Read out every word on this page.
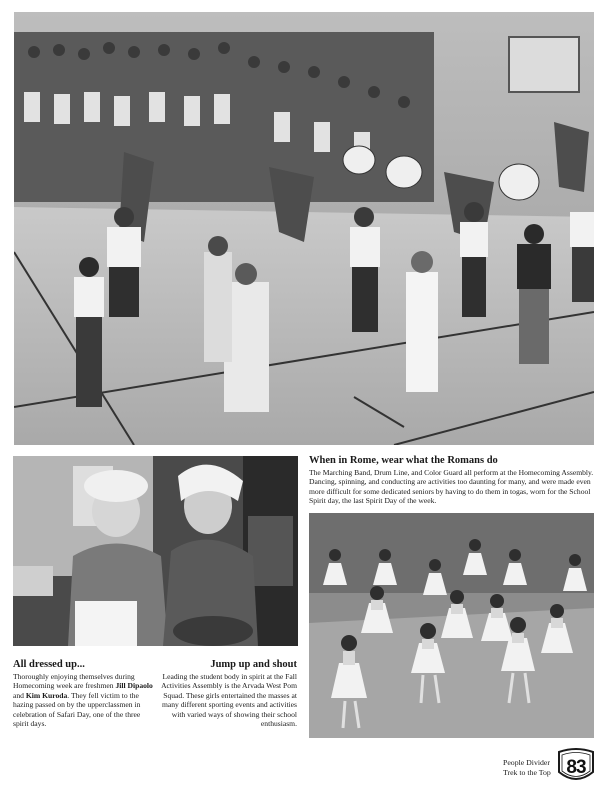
When in Rome, wear what the Romans do

The Marching Band, Drum Line, and Color Guard all perform at the Homecoming Assembly. Dancing, spinning, and conducting are activities too daunting for many, and were made even more difficult for some dedicated seniors by having to do them in togas, worn for the School Spirit day, the last Spirit Day of the week.

All dressed up...

Thoroughly enjoying themselves during Homecoming week are freshmen Jill Dipaolo and Kim Kuroda. They fell victim to the hazing passed on by the upperclassmen in celebration of Safari Day, one of the three spirit days.

Jump up and shout

Leading the student body in spirit at the Fall Activities Assembly is the Arvada West Pom Squad. These girls entertained the masses at many different sporting events and activities with varied ways of showing their school enthusiasm.

People Divider
Trek to the Top 83
